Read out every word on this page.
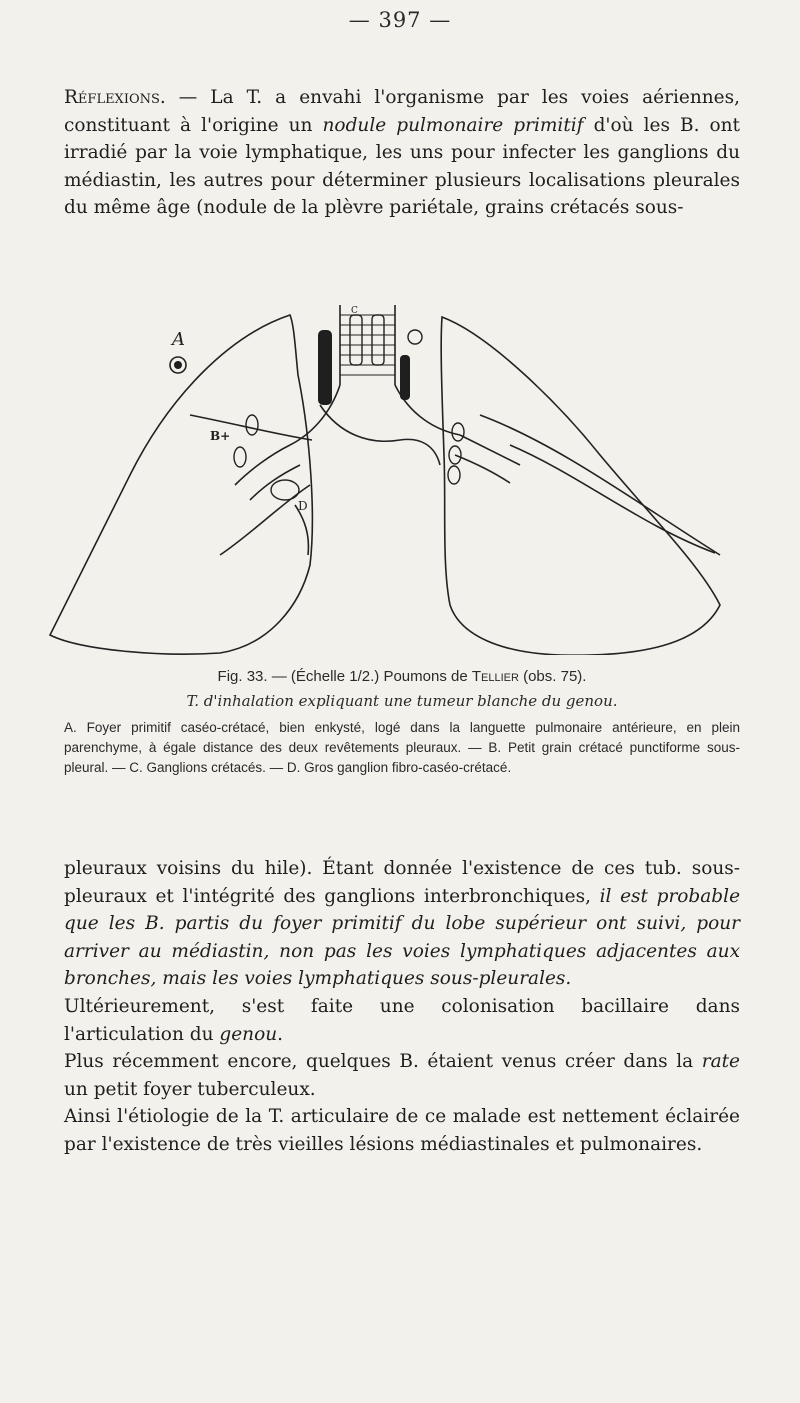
— 397 —

Réflexions. — La T. a envahi l'organisme par les voies aériennes, constituant à l'origine un nodule pulmonaire primitif d'où les B. ont irradié par la voie lymphatique, les uns pour infecter les ganglions du médiastin, les autres pour déterminer plusieurs localisations pleurales du même âge (nodule de la plèvre pariétale, grains crétacés sous-

A
B+
C
D
Fig. 33. — (Échelle 1/2.) Poumons de Tellier (obs. 75).
T. d'inhalation expliquant une tumeur blanche du genou.
A. Foyer primitif caséo-crétacé, bien enkysté, logé dans la languette pulmonaire antérieure, en plein parenchyme, à égale distance des deux revêtements pleuraux. — B. Petit grain crétacé punctiforme sous-pleural. — C. Ganglions crétacés. — D. Gros ganglion fibro-caséo-crétacé.

pleuraux voisins du hile). Étant donnée l'existence de ces tub. sous-pleuraux et l'intégrité des ganglions interbronchiques, il est probable que les B. partis du foyer primitif du lobe supérieur ont suivi, pour arriver au médiastin, non pas les voies lymphatiques adjacentes aux bronches, mais les voies lymphatiques sous-pleurales.

Ultérieurement, s'est faite une colonisation bacillaire dans l'articulation du genou.

Plus récemment encore, quelques B. étaient venus créer dans la rate un petit foyer tuberculeux.

Ainsi l'étiologie de la T. articulaire de ce malade est nettement éclairée par l'existence de très vieilles lésions médiastinales et pulmonaires.
